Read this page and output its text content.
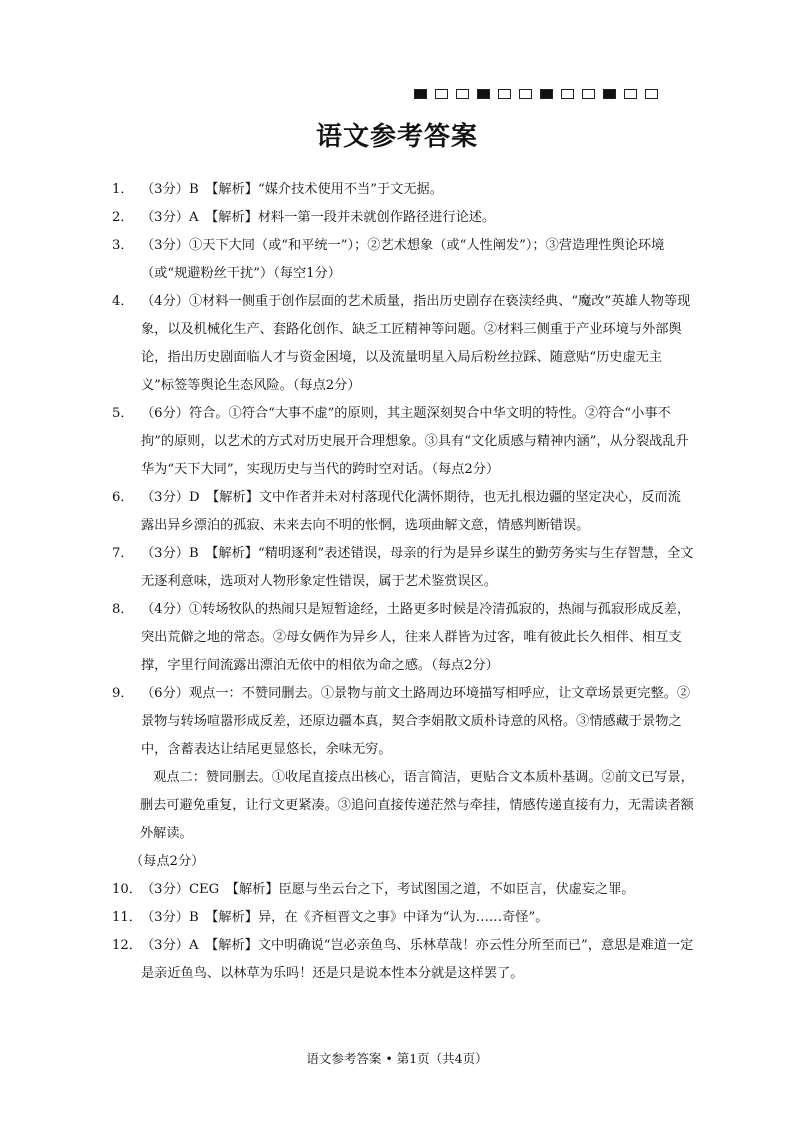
语文参考答案
1． （3分）B　【解析】“媒介技术使用不当”于文无据。
2． （3分）A　【解析】材料一第一段并未就创作路径进行论述。
3． （3分）①天下大同（或“和平统一”）；②艺术想象（或“人性阐发”）；③营造理性舆论环境（或“规避粉丝干扰”）（每空1分）
4． （4分）①材料一侧重于创作层面的艺术质量，指出历史剧存在亵渎经典、“魔改”英雄人物等现象，以及机械化生产、套路化创作、缺乏工匠精神等问题。②材料三侧重于产业环境与外部舆论，指出历史剧面临人才与资金困境，以及流量明星入局后粉丝拉踩、随意贴“历史虚无主义”标签等舆论生态风险。（每点2分）
5． （6分）符合。①符合“大事不虚”的原则，其主题深刻契合中华文明的特性。②符合“小事不拘”的原则，以艺术的方式对历史展开合理想象。③具有“文化质感与精神内涵”，从分裂战乱升华为“天下大同”，实现历史与当代的跨时空对话。（每点2分）
6． （3分）D　【解析】文中作者并未对村落现代化满怀期待，也无扎根边疆的坚定决心，反而流露出异乡漂泊的孤寂、未来去向不明的怅惘，选项曲解文意，情感判断错误。
7． （3分）B　【解析】“精明逐利”表述错误，母亲的行为是异乡谋生的勤劳务实与生存智慧，全文无逐利意味，选项对人物形象定性错误，属于艺术鉴赏误区。
8． （4分）①转场牧队的热闹只是短暂途经，土路更多时候是冷清孤寂的，热闹与孤寂形成反差，突出荒僻之地的常态。②母女俩作为异乡人，往来人群皆为过客，唯有彼此长久相伴、相互支撑，字里行间流露出漂泊无依中的相依为命之感。（每点2分）
9． （6分）观点一：不赞同删去。①景物与前文土路周边环境描写相呼应，让文章场景更完整。②景物与转场喧嚣形成反差，还原边疆本真，契合李娟散文质朴诗意的风格。③情感藏于景物之中，含蓄表达让结尾更显悠长，余味无穷。
观点二：赞同删去。①收尾直接点出核心，语言简洁，更贴合文本质朴基调。②前文已写景，删去可避免重复，让行文更紧凑。③追问直接传递茫然与牵挂，情感传递直接有力，无需读者额外解读。
（每点2分）
10． （3分）CEG　【解析】臣愿与坐云台之下，考试图国之道，不如臣言，伏虚妄之罪。
11． （3分）B　【解析】异，在《齐桓晋文之事》中译为“认为……奇怪”。
12． （3分）A　【解析】文中明确说“岂必亲鱼鸟、乐林草哉！亦云性分所至而已”，意思是难道一定是亲近鱼鸟、以林草为乐吗！还是只是说本性本分就是这样罢了。
语文参考答案 • 第1页（共4页）
